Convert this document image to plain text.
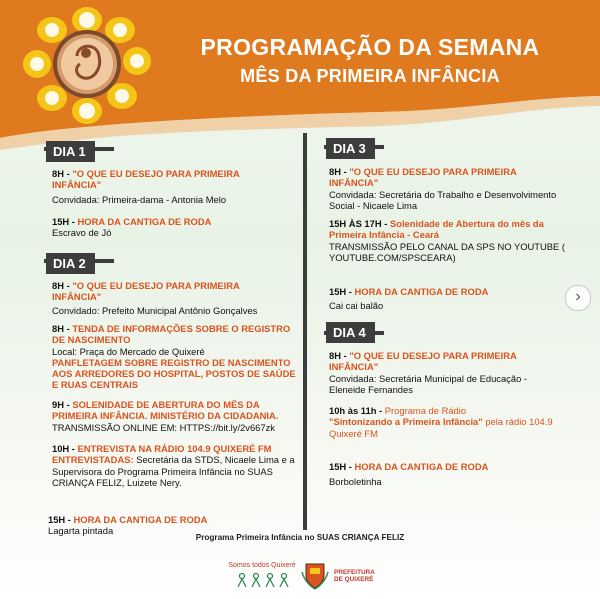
PROGRAMAÇÃO DA SEMANA
MÊS DA PRIMEIRA INFÂNCIA
DIA 1
8H - "O QUE EU DESEJO PARA PRIMEIRA INFÂNCIA"
Convidada: Primeira-dama - Antonia Melo
15H - HORA DA CANTIGA DE RODA
Escravo de Jó
DIA 2
8H - "O QUE EU DESEJO PARA PRIMEIRA INFÂNCIA"
Convidado: Prefeito Municipal Antônio Gonçalves
8H - TENDA DE INFORMAÇÕES SOBRE O REGISTRO DE NASCIMENTO
Local: Praça do Mercado de Quixeré
PANFLETAGEM SOBRE REGISTRO DE NASCIMENTO AOS ARREDORES DO HOSPITAL, POSTOS DE SAÚDE E RUAS CENTRAIS
9H - SOLENIDADE DE ABERTURA DO MÊS DA PRIMEIRA INFÂNCIA. MINISTÉRIO DA CIDADANIA.
TRANSMISSÃO ONLINE EM: HTTPS://bit.ly/2v667zk
10H - ENTREVISTA NA RÁDIO 104.9 QUIXERÉ FM
ENTREVISTADAS: Secretária da STDS, Nicaele Lima e a Supervisora do Programa Primeira Infância no SUAS CRIANÇA FELIZ, Luizete Nery.
15H - HORA DA CANTIGA DE RODA
Lagarta pintada
DIA 3
8H - "O QUE EU DESEJO PARA PRIMEIRA INFÂNCIA"
Convidada: Secretária do Trabalho e Desenvolvimento Social - Nicaele Lima
15H ÀS 17H - Solenidade de Abertura do mês da Primeira Infância - Ceará
TRANSMISSÃO PELO CANAL DA SPS NO YOUTUBE ( YOUTUBE.COM/SPSCEARA)
15H - HORA DA CANTIGA DE RODA
Cai cai balão
DIA 4
8H - "O QUE EU DESEJO PARA PRIMEIRA INFÂNCIA"
Convidada: Secretária Municipal de Educação - Eleneide Fernandes
10h às 11h - Programa de Rádio
"Sintonizando a Primeira Infância" pela rádio 104.9 Quixeré FM
15H - HORA DA CANTIGA DE RODA
Borboletinha
›
Programa Primeira Infância no SUAS CRIANÇA FELIZ
Somos todos Quixeré
PREFEITURA
DE QUIXERÉ
